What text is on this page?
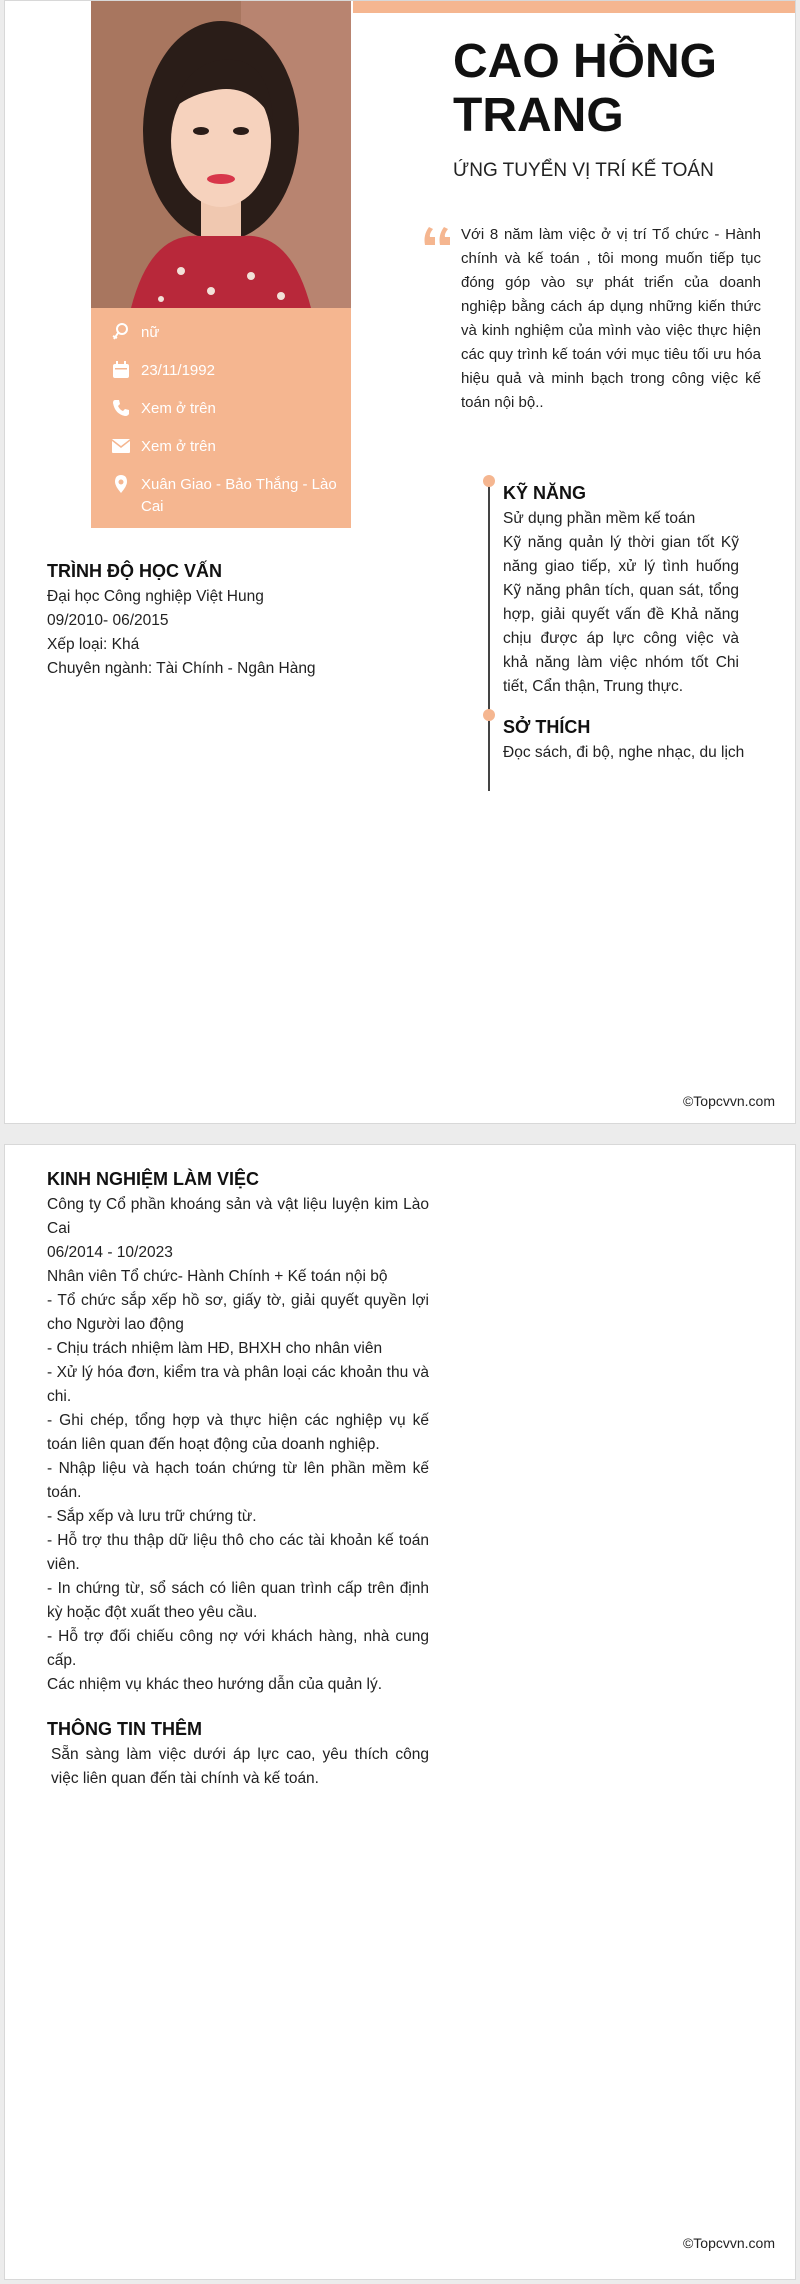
nữ
23/11/1992
Xem ở trên
Xem ở trên
Xuân Giao - Bảo Thắng - Lào Cai
CAO HỒNG TRANG
ỨNG TUYỂN VỊ TRÍ KẾ TOÁN
Với 8 năm làm việc ở vị trí Tổ chức - Hành chính và kế toán , tôi mong muốn tiếp tục đóng góp vào sự phát triển của doanh nghiệp bằng cách áp dụng những kiến thức và kinh nghiệm của mình vào việc thực hiện các quy trình kế toán với mục tiêu tối ưu hóa hiệu quả và minh bạch trong công việc kế toán nội bộ..
TRÌNH ĐỘ HỌC VẤN
Đại học Công nghiệp Việt Hung
09/2010- 06/2015
Xếp loại: Khá
Chuyên ngành: Tài Chính - Ngân Hàng
KỸ NĂNG
Sử dụng phần mềm kế toán
Kỹ năng quản lý thời gian tốt Kỹ năng giao tiếp, xử lý tình huống Kỹ năng phân tích, quan sát, tổng hợp, giải quyết vấn đề Khả năng chịu được áp lực công việc và khả năng làm việc nhóm tốt Chi tiết, Cẩn thận, Trung thực.
SỞ THÍCH
Đọc sách, đi bộ, nghe nhạc, du lịch
©Topcvvn.com
KINH NGHIỆM LÀM VIỆC
Công ty Cổ phần khoáng sản và vật liệu luyện kim Lào Cai
06/2014 - 10/2023
Nhân viên Tổ chức- Hành Chính + Kế toán nội bộ
- Tổ chức sắp xếp hồ sơ, giấy tờ, giải quyết quyền lợi cho Người lao động
- Chịu trách nhiệm làm HĐ, BHXH cho nhân viên
- Xử lý hóa đơn, kiểm tra và phân loại các khoản thu và chi.
- Ghi chép, tổng hợp và thực hiện các nghiệp vụ kế toán liên quan đến hoạt động của doanh nghiệp.
- Nhập liệu và hạch toán chứng từ lên phần mềm kế toán.
- Sắp xếp và lưu trữ chứng từ.
- Hỗ trợ thu thập dữ liệu thô cho các tài khoản kế toán viên.
- In chứng từ, sổ sách có liên quan trình cấp trên định kỳ hoặc đột xuất theo yêu cầu.
- Hỗ trợ đối chiếu công nợ với khách hàng, nhà cung cấp.
Các nhiệm vụ khác theo hướng dẫn của quản lý.
THÔNG TIN THÊM
Sẵn sàng làm việc dưới áp lực cao, yêu thích công việc liên quan đến tài chính và kế toán.
©Topcvvn.com
